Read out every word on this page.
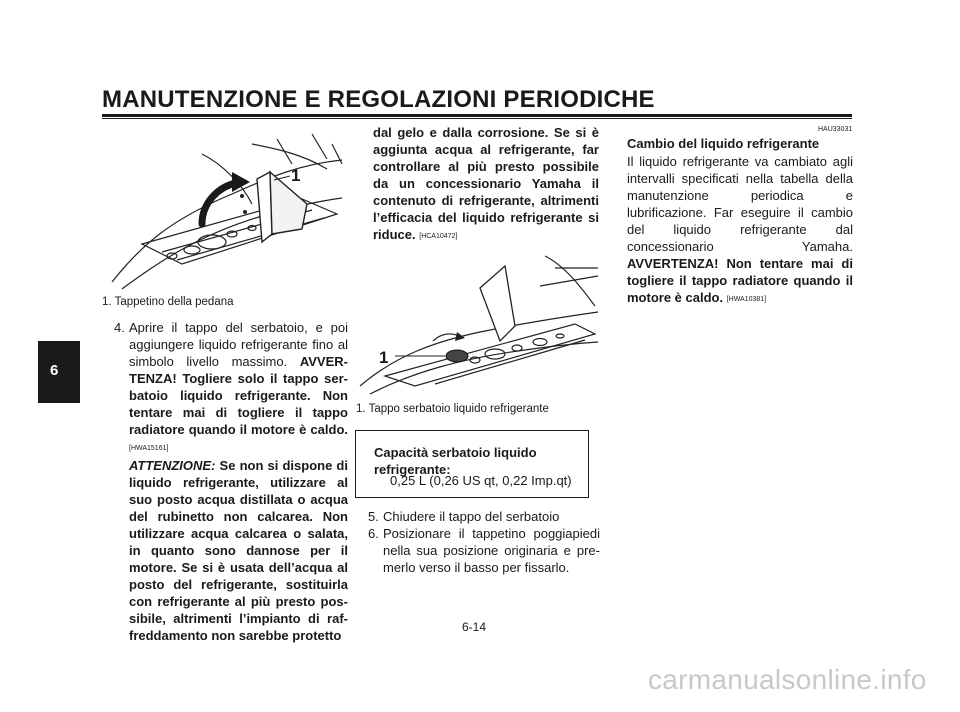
MANUTENZIONE E REGOLAZIONI PERIODICHE
6
1
1. Tappetino della pedana
4. Aprire il tappo del serbatoio, e poi aggiungere liquido refrigerante fino al simbolo livello massimo. AVVERTENZA! Togliere solo il tappo serbatoio liquido refrigerante. Non tentare mai di togliere il tappo radiatore quando il motore è caldo. [HWA15161]
ATTENZIONE: Se non si dispone di liquido refrigerante, utilizzare al suo posto acqua distillata o acqua del rubinetto non calcarea. Non utilizzare acqua calcarea o salata, in quanto sono dannose per il motore. Se si è usata dell’acqua al posto del refrigerante, sostituirla con refrigerante al più presto possibile, altrimenti l’impianto di raffreddamento non sarebbe protetto
dal gelo e dalla corrosione. Se si è aggiunta acqua al refrigerante, far controllare al più presto possibile da un concessionario Yamaha il contenuto di refrigerante, altrimenti l’efficacia del liquido refrigerante si riduce. [HCA10472]
1
1. Tappo serbatoio liquido refrigerante
Capacità serbatoio liquido refrigerante:
0,25 L (0,26 US qt, 0,22 Imp.qt)
5. Chiudere il tappo del serbatoio
6. Posizionare il tappetino poggiapiedi nella sua posizione originaria e premerlo verso il basso per fissarlo.
HAU33031
Cambio del liquido refrigerante
Il liquido refrigerante va cambiato agli intervalli specificati nella tabella della manutenzione periodica e lubrificazione. Far eseguire il cambio del liquido refrigerante dal concessionario Yamaha. AVVERTENZA! Non tentare mai di togliere il tappo radiatore quando il motore è caldo. [HWA10381]
6-14
carmanualsonline.info
